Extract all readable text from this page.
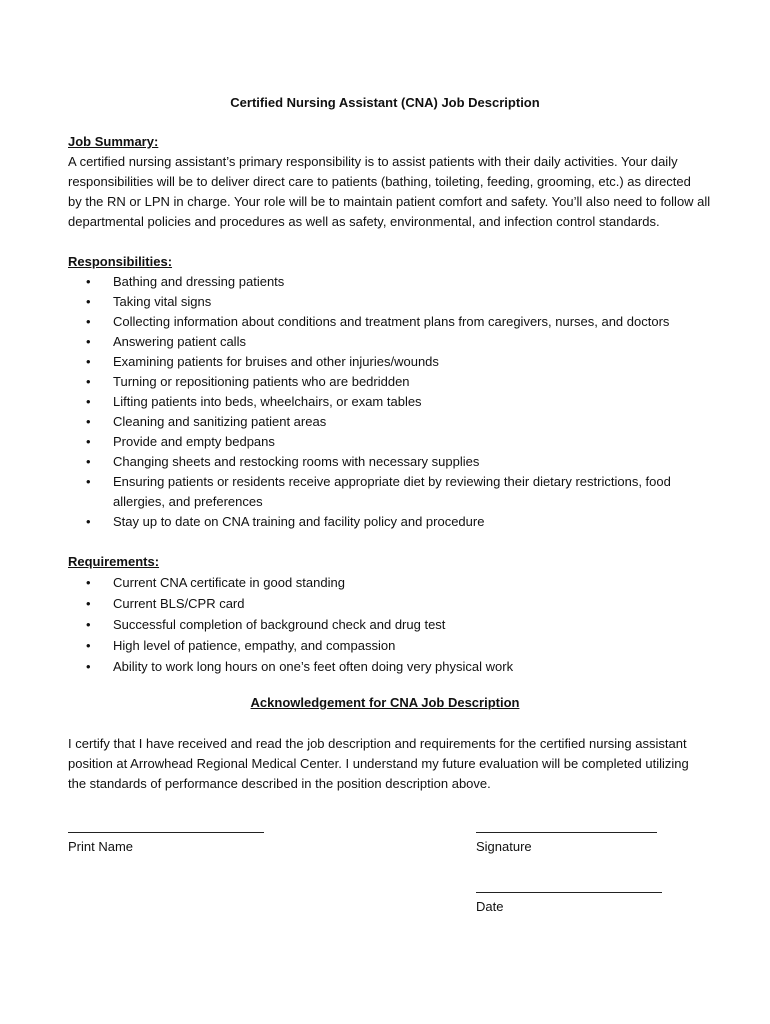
Certified Nursing Assistant (CNA) Job Description
Job Summary:

A certified nursing assistant’s primary responsibility is to assist patients with their daily activities. Your daily
responsibilities will be to deliver direct care to patients (bathing, toileting, feeding, grooming, etc.) as directed
by the RN or LPN in charge. Your role will be to maintain patient comfort and safety. You’ll also need to follow all
departmental policies and procedures as well as safety, environmental, and infection control standards.

Responsibilities:
• Bathing and dressing patients
• Taking vital signs
• Collecting information about conditions and treatment plans from caregivers, nurses, and doctors
• Answering patient calls
• Examining patients for bruises and other injuries/wounds
• Turning or repositioning patients who are bedridden
• Lifting patients into beds, wheelchairs, or exam tables
• Cleaning and sanitizing patient areas
• Provide and empty bedpans
• Changing sheets and restocking rooms with necessary supplies
• Ensuring patients or residents receive appropriate diet by reviewing their dietary restrictions, food
allergies, and preferences
• Stay up to date on CNA training and facility policy and procedure
Requirements:
• Current CNA certificate in good standing
• Current BLS/CPR card
• Successful completion of background check and drug test
• High level of patience, empathy, and compassion
• Ability to work long hours on one’s feet often doing very physical work
Acknowledgement for CNA Job Description

I certify that I have received and read the job description and requirements for the certified nursing assistant
position at Arrowhead Regional Medical Center. I understand my future evaluation will be completed utilizing
the standards of performance described in the position description above.

Print Name	Signature
Date
